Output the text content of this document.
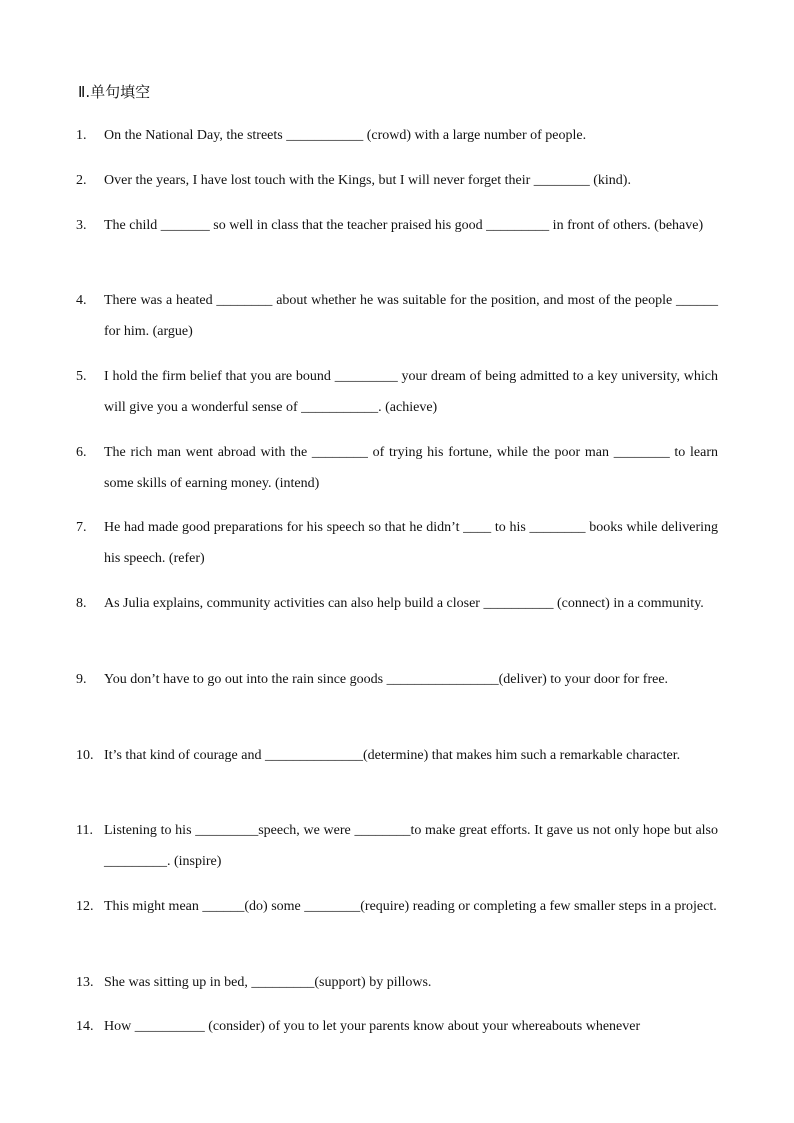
Ⅱ.单句填空
1.	On the National Day, the streets ___________ (crowd) with a large number of people.
2.	Over the years, I have lost touch with the Kings, but I will never forget their ________ (kind).
3.	The child _______ so well in class that the teacher praised his good _________ in front of others. (behave)
4.	There was a heated ________ about whether he was suitable for the position, and most of the people ______ for him. (argue)
5.	I hold the firm belief that you are bound _________ your dream of being admitted to a key university, which will give you a wonderful sense of ___________. (achieve)
6.	The rich man went abroad with the ________ of trying his fortune, while the poor man ________ to learn some skills of earning money. (intend)
7.	He had made good preparations for his speech so that he didn’t ____ to his ________ books while delivering his speech. (refer)
8.	As Julia explains, community activities can also help build a closer __________ (connect) in a community.
9.	You don’t have to go out into the rain since goods ________________(deliver) to your door for free.
10. It’s that kind of courage and ______________(determine) that makes him such a remarkable character.
11. Listening to his _________speech, we were ________to make great efforts. It gave us not only hope but also _________. (inspire)
12. This might mean ______(do) some ________(require) reading or completing a few smaller steps in a project.
13. She was sitting up in bed, _________(support) by pillows.
14. How __________ (consider) of you to let your parents know about your whereabouts whenever
